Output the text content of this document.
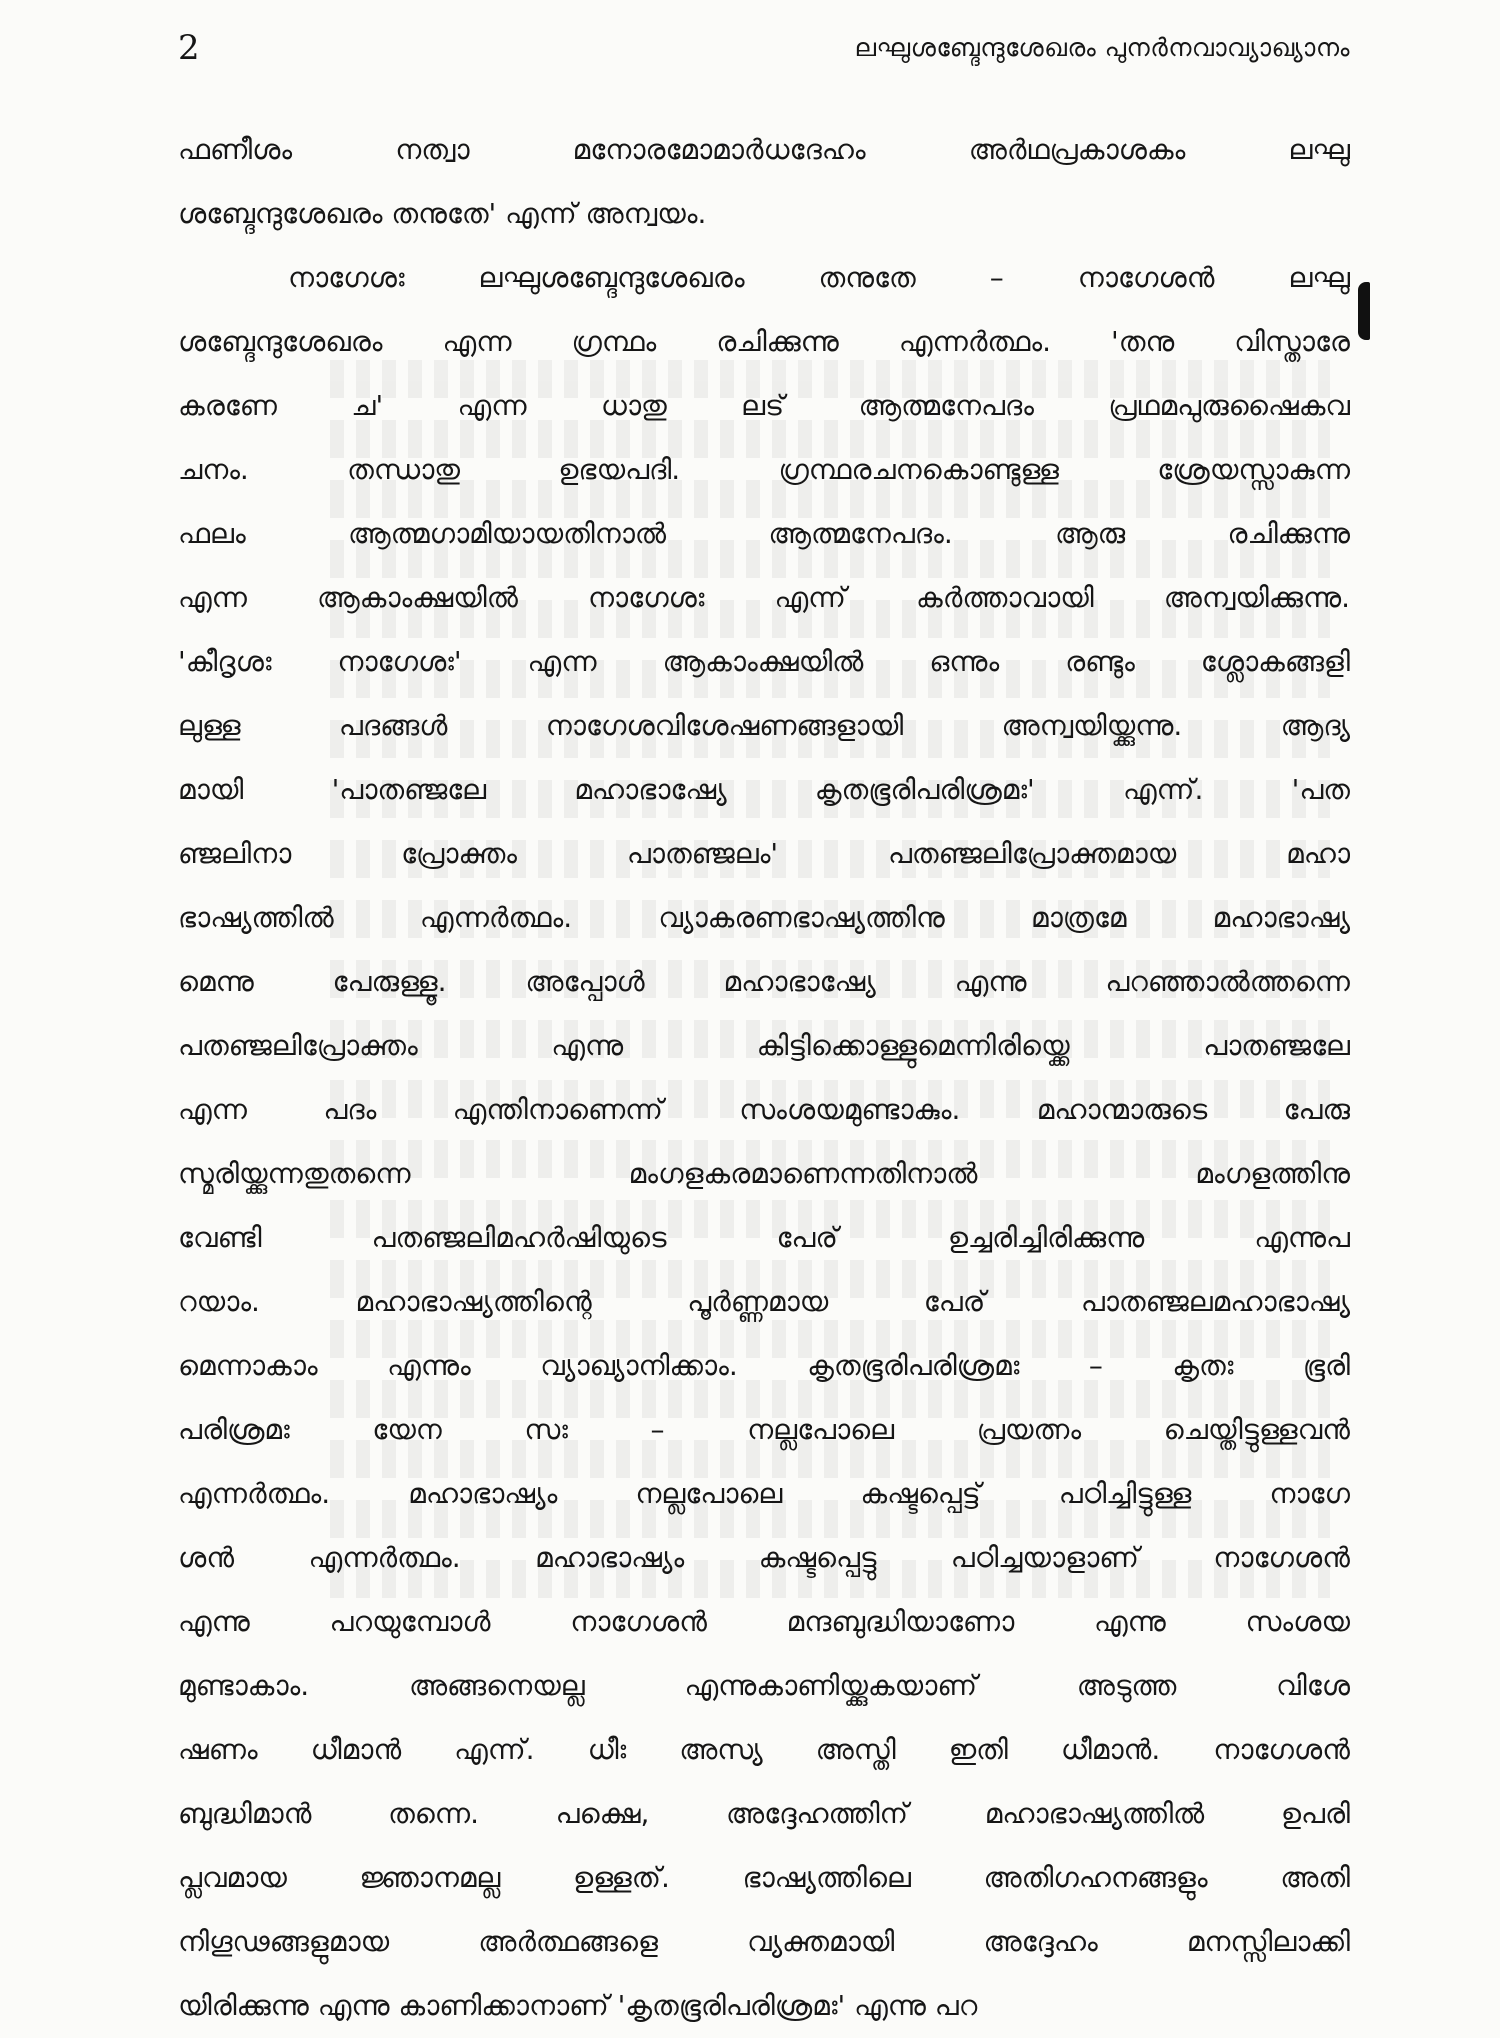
2	ലഘുശബ്ദേന്ദുശേഖരം പുനർനവാവ്യാഖ്യാനം
ഫണീശം നത്വാ മനോരമോമാർധദേഹം അർഥപ്രകാശകം ലഘു
ശബ്ദേന്ദുശേഖരം തനുതേ' എന്ന് അന്വയം.
നാഗേശഃ ലഘുശബ്ദേന്ദുശേഖരം തനുതേ – നാഗേശൻ ലഘു
ശബ്ദേന്ദുശേഖരം എന്ന ഗ്രന്ഥം രചിക്കുന്നു എന്നർത്ഥം. 'തനു വിസ്താരേ
കരണേ ച' എന്ന ധാതു ലട് ആത്മനേപദം പ്രഥമപുരുഷൈകവ
ചനം. തന്ധാതു ഉഭയപദി. ഗ്രന്ഥരചനകൊണ്ടുള്ള ശ്രേയസ്സാകുന്ന
ഫലം ആത്മഗാമിയായതിനാൽ ആത്മനേപദം. ആരു രചിക്കുന്നു
എന്ന ആകാംക്ഷയിൽ നാഗേശഃ എന്ന് കർത്താവായി അന്വയിക്കുന്നു.
'കീദൃശഃ നാഗേശഃ' എന്ന ആകാംക്ഷയിൽ ഒന്നും രണ്ടും ശ്ലോകങ്ങളി
ലുള്ള പദങ്ങൾ നാഗേശവിശേഷണങ്ങളായി അന്വയിയ്ക്കുന്നു. ആദ്യ
മായി 'പാതഞ്ജലേ മഹാഭാഷ്യേ കൃതഭൂരിപരിശ്രമഃ' എന്ന്. 'പത
ഞ്ജലിനാ പ്രോക്തം പാതഞ്ജലം' പതഞ്ജലിപ്രോക്തമായ മഹാ
ഭാഷ്യത്തിൽ എന്നർത്ഥം. വ്യാകരണഭാഷ്യത്തിനു മാത്രമേ മഹാഭാഷ്യ
മെന്നു പേരുള്ളൂ. അപ്പോൾ മഹാഭാഷ്യേ എന്നു പറഞ്ഞാൽത്തന്നെ
പതഞ്ജലിപ്രോക്തം എന്നു കിട്ടിക്കൊള്ളുമെന്നിരിയ്ക്കെ പാതഞ്ജലേ
എന്ന പദം എന്തിനാണെന്ന് സംശയമുണ്ടാകും. മഹാന്മാരുടെ പേരു
സ്മരിയ്ക്കുന്നതുതന്നെ മംഗളകരമാണെന്നതിനാൽ മംഗളത്തിനു
വേണ്ടി പതഞ്ജലിമഹർഷിയുടെ പേര് ഉച്ചരിച്ചിരിക്കുന്നു എന്നുപ
റയാം. മഹാഭാഷ്യത്തിന്റെ പൂർണ്ണമായ പേര് പാതഞ്ജലമഹാഭാഷ്യ
മെന്നാകാം എന്നും വ്യാഖ്യാനിക്കാം. കൃതഭൂരിപരിശ്രമഃ – കൃതഃ ഭൂരി
പരിശ്രമഃ യേന സഃ – നല്ലപോലെ പ്രയത്നം ചെയ്തിട്ടുള്ളവൻ
എന്നർത്ഥം. മഹാഭാഷ്യം നല്ലപോലെ കഷ്ടപ്പെട്ട് പഠിച്ചിട്ടുള്ള നാഗേ
ശൻ എന്നർത്ഥം. മഹാഭാഷ്യം കഷ്ടപ്പെട്ടു പഠിച്ചയാളാണ് നാഗേശൻ
എന്നു പറയുമ്പോൾ നാഗേശൻ മന്ദബുദ്ധിയാണോ എന്നു സംശയ
മുണ്ടാകാം. അങ്ങനെയല്ല എന്നുകാണിയ്ക്കുകയാണ് അടുത്ത വിശേ
ഷണം ധീമാൻ എന്ന്. ധീഃ അസ്യ അസ്തി ഇതി ധീമാൻ. നാഗേശൻ
ബുദ്ധിമാൻ തന്നെ. പക്ഷെ, അദ്ദേഹത്തിന് മഹാഭാഷ്യത്തിൽ ഉപരി
പ്ലവമായ ജ്ഞാനമല്ല ഉള്ളത്. ഭാഷ്യത്തിലെ അതിഗഹനങ്ങളും അതി
നിഗൂഢങ്ങളുമായ അർത്ഥങ്ങളെ വ്യക്തമായി അദ്ദേഹം മനസ്സിലാക്കി
യിരിക്കുന്നു എന്നു കാണിക്കാനാണ് 'കൃതഭൂരിപരിശ്രമഃ' എന്നു പറ
